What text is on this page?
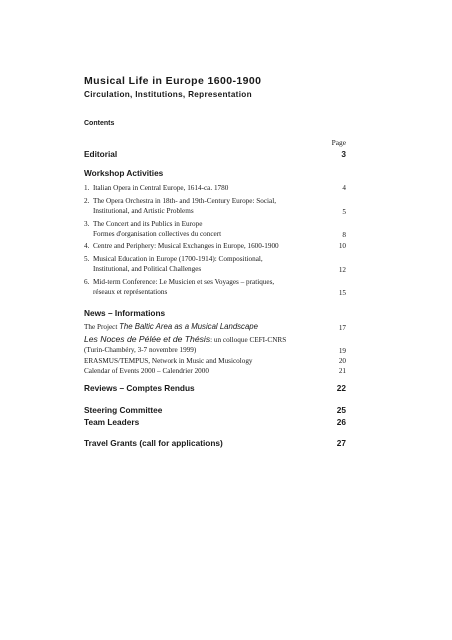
Musical Life in Europe 1600-1900
Circulation, Institutions, Representation
Contents
Page
Editorial	3
Workshop Activities
1. Italian Opera in Central Europe, 1614-ca. 1780	4
2. The Opera Orchestra in 18th- and 19th-Century Europe: Social,
Institutional, and Artistic Problems	5
3. The Concert and its Publics in Europe
Formes d'organisation collectives du concert	8
4. Centre and Periphery: Musical Exchanges in Europe, 1600-1900	10
5. Musical Education in Europe (1700-1914): Compositional,
Institutional, and Political Challenges	12
6. Mid-term Conference: Le Musicien et ses Voyages – pratiques,
réseaux et représentations	15
News – Informations
The Project The Baltic Area as a Musical Landscape	17
Les Noces de Pélée et de Thésis: un colloque CEFI-CNRS
(Turin-Chambéry, 3-7 novembre 1999)	19
ERASMUS/TEMPUS, Network in Music and Musicology	20
Calendar of Events 2000 – Calendrier 2000	21
Reviews – Comptes Rendus	22
Steering Committee	25
Team Leaders	26
Travel Grants (call for applications)	27
